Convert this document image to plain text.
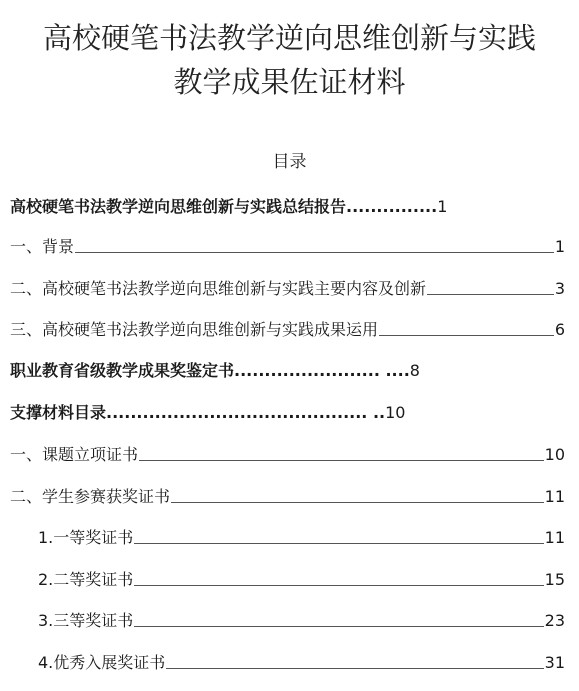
高校硬笔书法教学逆向思维创新与实践
教学成果佐证材料
目录
高校硬笔书法教学逆向思维创新与实践总结报告 ............... 1
一、背景	1
二、高校硬笔书法教学逆向思维创新与实践主要内容及创新	3
三、高校硬笔书法教学逆向思维创新与实践成果运用	6
职业教育省级教学成果奖鉴定书 ........................ .... 8
支撑材料目录 ........................................... .. 10
一、课题立项证书	10
二、学生参赛获奖证书	11
1.一等奖证书	11
2.二等奖证书	15
3.三等奖证书	23
4.优秀入展奖证书	31
